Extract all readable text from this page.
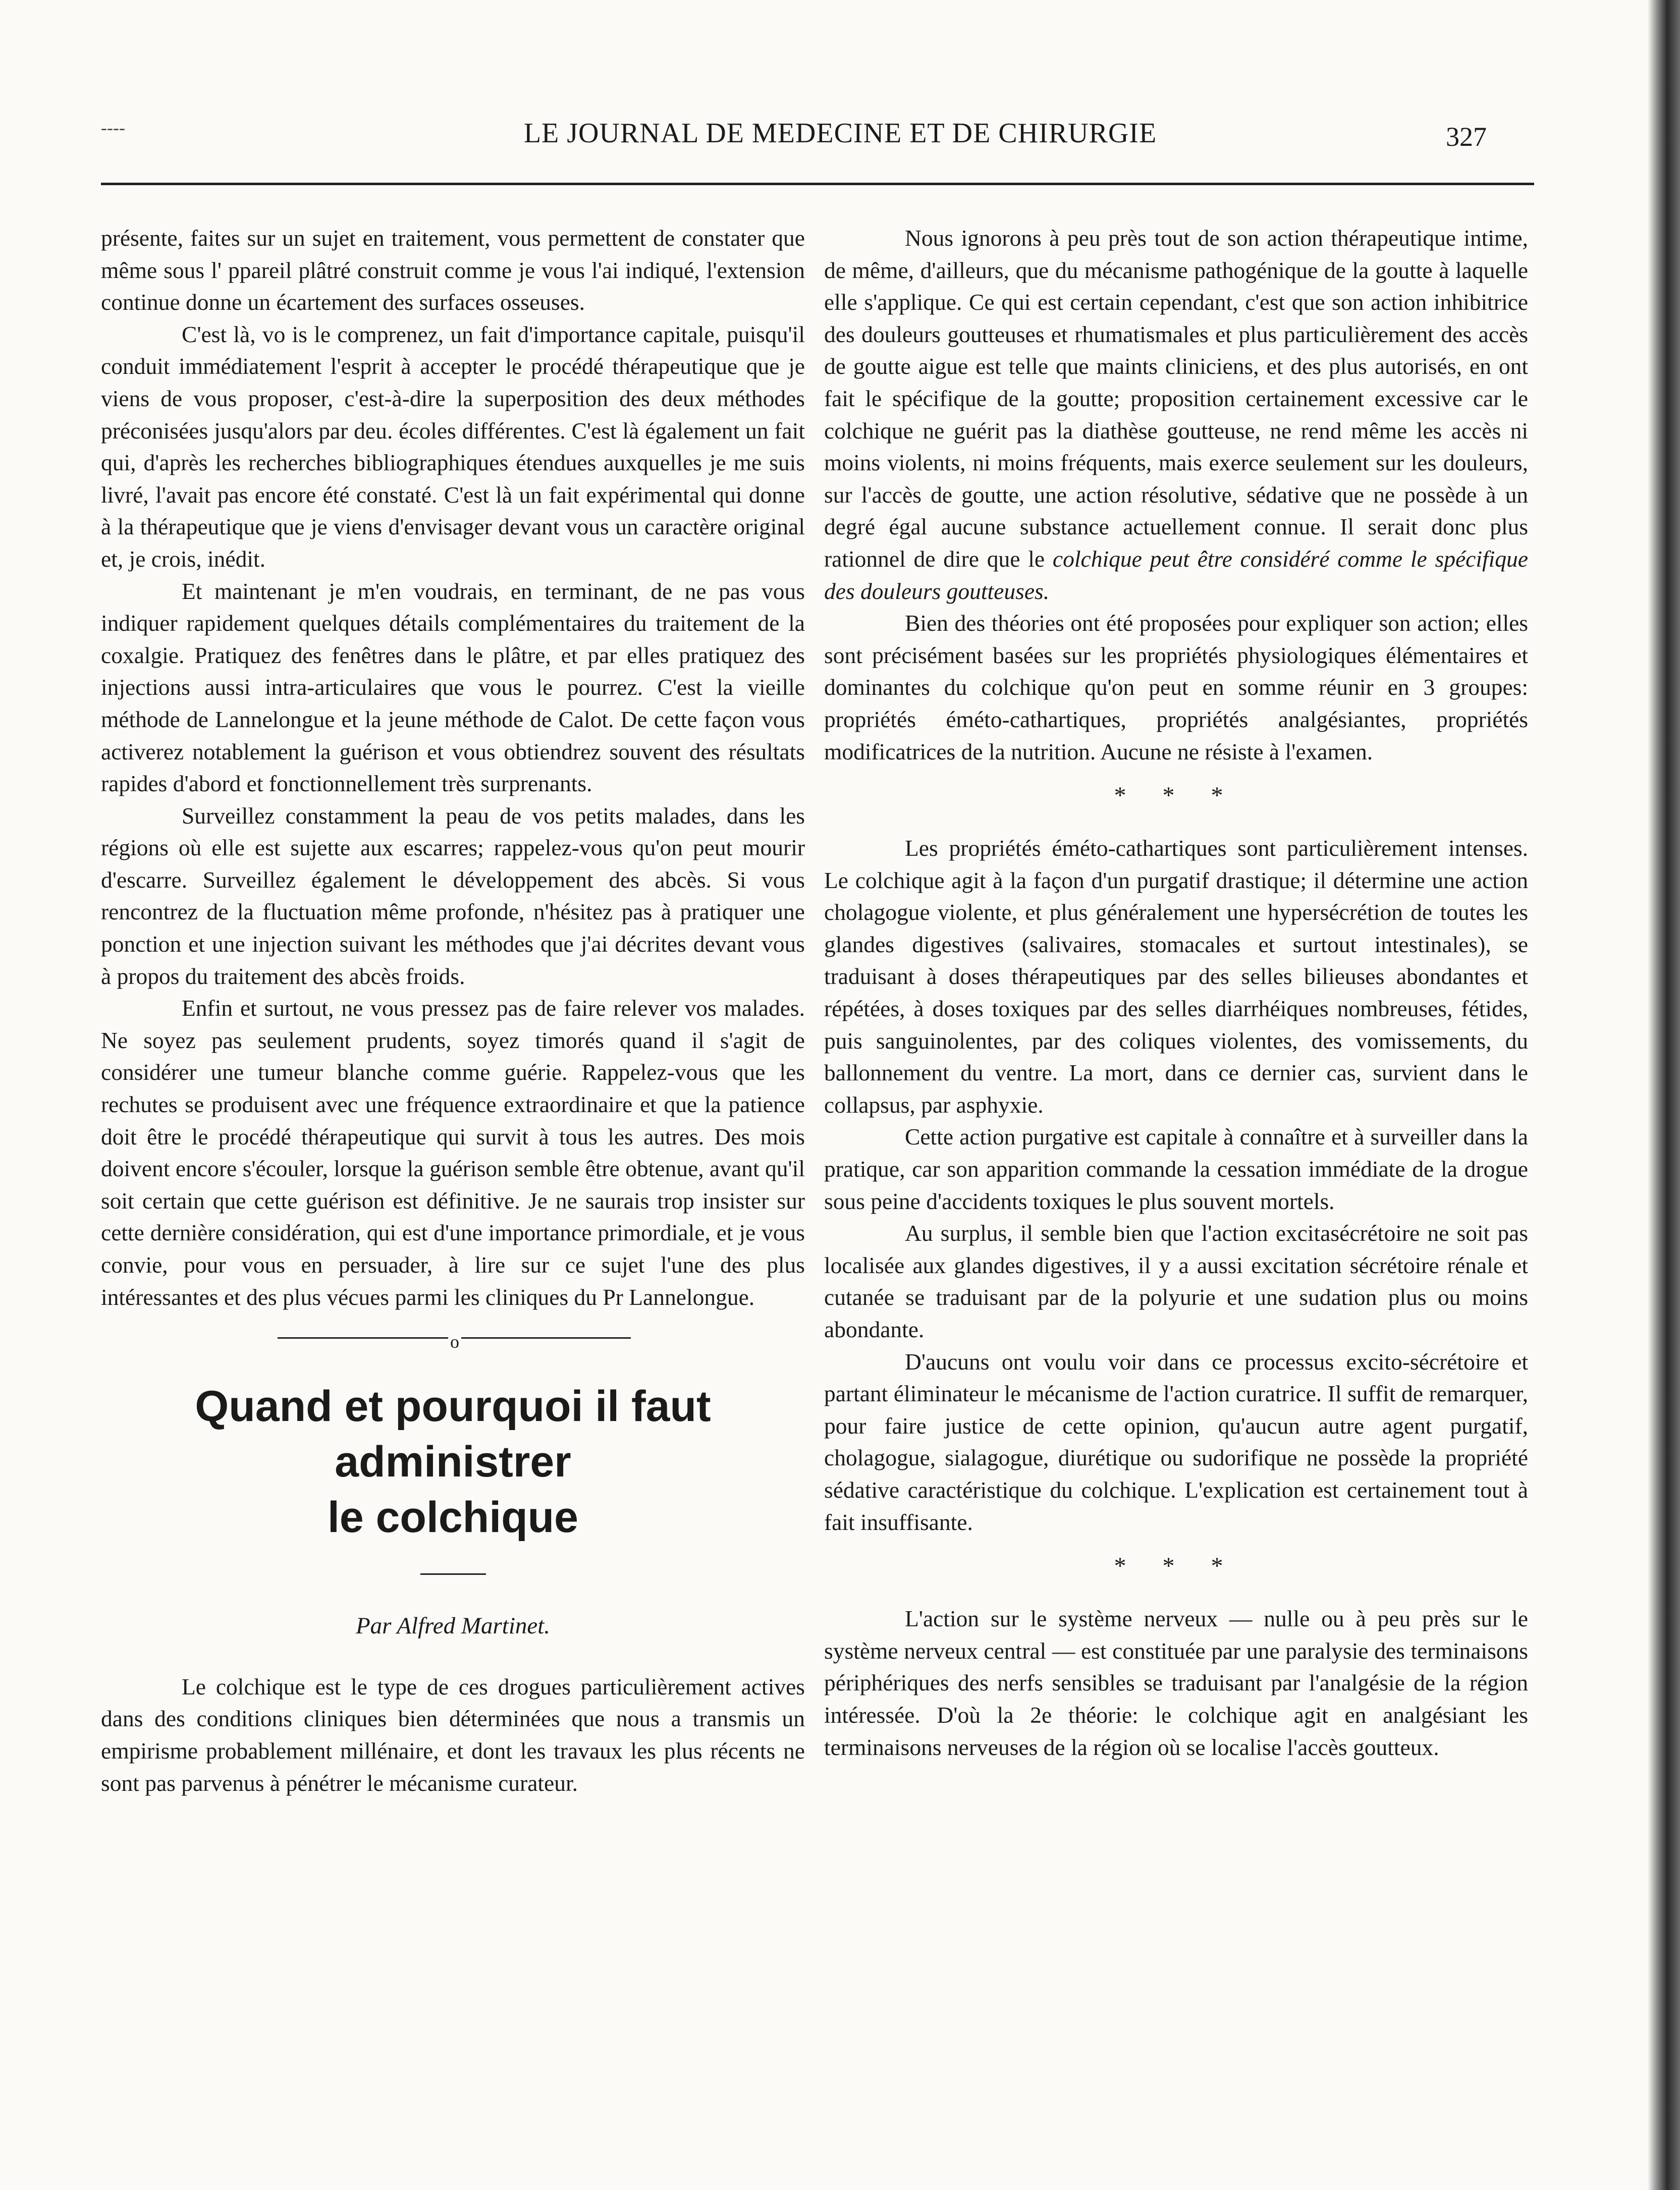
----	LE JOURNAL DE MEDECINE ET DE CHIRURGIE	327

présente, faites sur un sujet en traitement, vous permettent de constater que même sous l' ppareil plâtré construit comme je vous l'ai indiqué, l'extension continue donne un écartement des surfaces osseuses.

C'est là, vo is le comprenez, un fait d'importance capitale, puisqu'il conduit immédiatement l'esprit à accepter le procédé thérapeutique que je viens de vous proposer, c'est-à-dire la superposition des deux méthodes préconisées jusqu'alors par deu. écoles différentes. C'est là également un fait qui, d'après les recherches bibliographiques étendues auxquelles je me suis livré, l'avait pas encore été constaté. C'est là un fait expérimental qui donne à la thérapeutique que je viens d'envisager devant vous un caractère original et, je crois, inédit.

Et maintenant je m'en voudrais, en terminant, de ne pas vous indiquer rapidement quelques détails complémentaires du traitement de la coxalgie. Pratiquez des fenêtres dans le plâtre, et par elles pratiquez des injections aussi intra-articulaires que vous le pourrez. C'est la vieille méthode de Lannelongue et la jeune méthode de Calot. De cette façon vous activerez notablement la guérison et vous obtiendrez souvent des résultats rapides d'abord et fonctionnellement très surprenants.

Surveillez constamment la peau de vos petits malades, dans les régions où elle est sujette aux escarres; rappelez-vous qu'on peut mourir d'escarre. Surveillez également le développement des abcès. Si vous rencontrez de la fluctuation même profonde, n'hésitez pas à pratiquer une ponction et une injection suivant les méthodes que j'ai décrites devant vous à propos du traitement des abcès froids.

Enfin et surtout, ne vous pressez pas de faire relever vos malades. Ne soyez pas seulement prudents, soyez timorés quand il s'agit de considérer une tumeur blanche comme guérie. Rappelez-vous que les rechutes se produisent avec une fréquence extraordinaire et que la patience doit être le procédé thérapeutique qui survit à tous les autres. Des mois doivent encore s'écouler, lorsque la guérison semble être obtenue, avant qu'il soit certain que cette guérison est définitive. Je ne saurais trop insister sur cette dernière considération, qui est d'une importance primordiale, et je vous convie, pour vous en persuader, à lire sur ce sujet l'une des plus intéressantes et des plus vécues parmi les cliniques du Pr Lannelongue.

o
Quand et pourquoi il faut administrer
le colchique
Par Alfred Martinet.

Le colchique est le type de ces drogues particulièrement actives dans des conditions cliniques bien déterminées que nous a transmis un empirisme probablement millénaire, et dont les travaux les plus récents ne sont pas parvenus à pénétrer le mécanisme curateur.

Nous ignorons à peu près tout de son action thérapeutique intime, de même, d'ailleurs, que du mécanisme pathogénique de la goutte à laquelle elle s'applique. Ce qui est certain cependant, c'est que son action inhibitrice des douleurs goutteuses et rhumatismales et plus particulièrement des accès de goutte aigue est telle que maints cliniciens, et des plus autorisés, en ont fait le spécifique de la goutte; proposition certainement excessive car le colchique ne guérit pas la diathèse goutteuse, ne rend même les accès ni moins violents, ni moins fréquents, mais exerce seulement sur les douleurs, sur l'accès de goutte, une action résolutive, sédative que ne possède à un degré égal aucune substance actuellement connue. Il serait donc plus rationnel de dire que le colchique peut être considéré comme le spécifique des douleurs goutteuses.

Bien des théories ont été proposées pour expliquer son action; elles sont précisément basées sur les propriétés physiologiques élémentaires et dominantes du colchique qu'on peut en somme réunir en 3 groupes: propriétés éméto-cathartiques, propriétés analgésiantes, propriétés modificatrices de la nutrition. Aucune ne résiste à l'examen.

* * *

Les propriétés éméto-cathartiques sont particulièrement intenses. Le colchique agit à la façon d'un purgatif drastique; il détermine une action cholagogue violente, et plus généralement une hypersécrétion de toutes les glandes digestives (salivaires, stomacales et surtout intestinales), se traduisant à doses thérapeutiques par des selles bilieuses abondantes et répétées, à doses toxiques par des selles diarrhéiques nombreuses, fétides, puis sanguinolentes, par des coliques violentes, des vomissements, du ballonnement du ventre. La mort, dans ce dernier cas, survient dans le collapsus, par asphyxie.

Cette action purgative est capitale à connaître et à surveiller dans la pratique, car son apparition commande la cessation immédiate de la drogue sous peine d'accidents toxiques le plus souvent mortels.

Au surplus, il semble bien que l'action excitasécrétoire ne soit pas localisée aux glandes digestives, il y a aussi excitation sécrétoire rénale et cutanée se traduisant par de la polyurie et une sudation plus ou moins abondante.

D'aucuns ont voulu voir dans ce processus excito-sécrétoire et partant éliminateur le mécanisme de l'action curatrice. Il suffit de remarquer, pour faire justice de cette opinion, qu'aucun autre agent purgatif, cholagogue, sialagogue, diurétique ou sudorifique ne possède la propriété sédative caractéristique du colchique. L'explication est certainement tout à fait insuffisante.

* * *

L'action sur le système nerveux — nulle ou à peu près sur le système nerveux central — est constituée par une paralysie des terminaisons périphériques des nerfs sensibles se traduisant par l'analgésie de la région intéressée. D'où la 2e théorie: le colchique agit en analgésiant les terminaisons nerveuses de la région où se localise l'accès goutteux.
